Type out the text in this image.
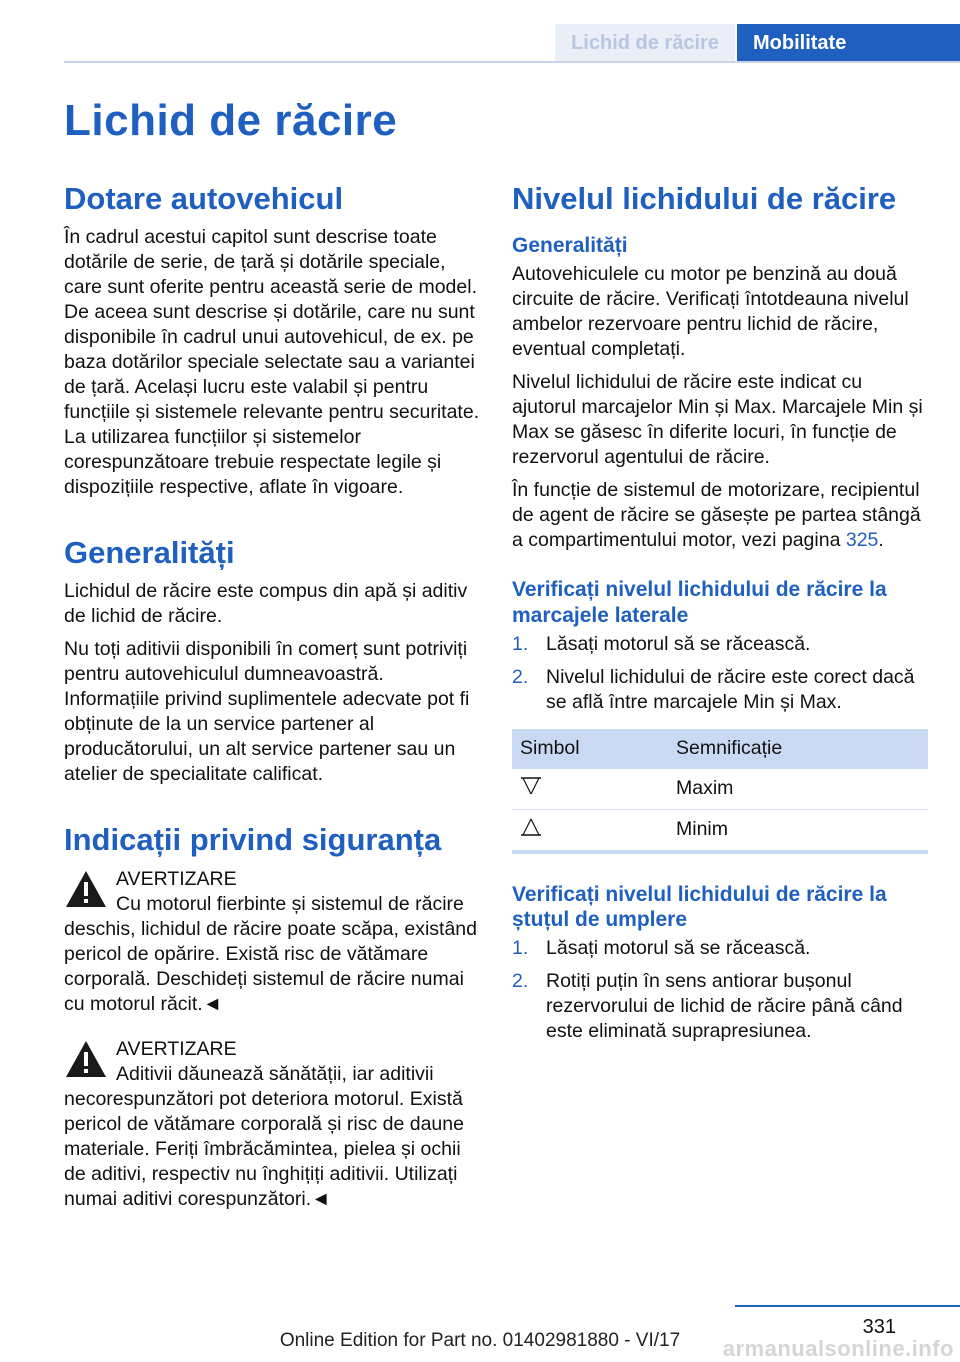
Lichid de răcire	Mobilitate
Lichid de răcire
Dotare autovehicul

În cadrul acestui capitol sunt descrise toate dotările de serie, de țară și dotările speciale, care sunt oferite pentru această serie de model. De aceea sunt descrise și dotările, care nu sunt disponibile în cadrul unui autovehicul, de ex. pe baza dotărilor speciale selectate sau a variantei de țară. Același lucru este valabil și pentru funcțiile și sistemele relevante pentru securitate. La utilizarea funcțiilor și sistemelor corespunzătoare trebuie respectate legile și dispozițiile respective, aflate în vigoare.

Generalități

Lichidul de răcire este compus din apă și aditiv de lichid de răcire.

Nu toți aditivii disponibili în comerț sunt potriviți pentru autovehiculul dumneavoastră. Informațiile privind suplimentele adecvate pot fi obținute de la un service partener al producătorului, un alt service partener sau un atelier de specialitate calificat.

Indicații privind siguranța

AVERTIZARE
Cu motorul fierbinte și sistemul de răcire deschis, lichidul de răcire poate scăpa, existând pericol de opărire. Există risc de vătămare corporală. Deschideți sistemul de răcire numai cu motorul răcit.◄

AVERTIZARE
Aditivii dăunează sănătății, iar aditivii necorespunzători pot deteriora motorul. Există pericol de vătămare corporală și risc de daune materiale. Feriți îmbrăcămintea, pielea și ochii de aditivi, respectiv nu înghițiți aditivii. Utilizați numai aditivi corespunzători.◄

Nivelul lichidului de răcire
Generalități

Autovehiculele cu motor pe benzină au două circuite de răcire. Verificați întotdeauna nivelul ambelor rezervoare pentru lichid de răcire, eventual completați.

Nivelul lichidului de răcire este indicat cu ajutorul marcajelor Min și Max. Marcajele Min și Max se găsesc în diferite locuri, în funcție de rezervorul agentului de răcire.

În funcție de sistemul de motorizare, recipientul de agent de răcire se găsește pe partea stângă a compartimentului motor, vezi pagina 325.

Verificați nivelul lichidului de răcire la marcajele laterale
1. Lăsați motorul să se răcească.
2. Nivelul lichidului de răcire este corect dacă se află între marcajele Min și Max.
Simbol	Semnificație
	Maxim
	Minim
Verificați nivelul lichidului de răcire la ștuțul de umplere
1. Lăsați motorul să se răcească.
2. Rotiți puțin în sens antiorar bușonul rezervorului de lichid de răcire până când este eliminată suprapresiunea.
331
Online Edition for Part no. 01402981880 - VI/17	armanualsonline.info
